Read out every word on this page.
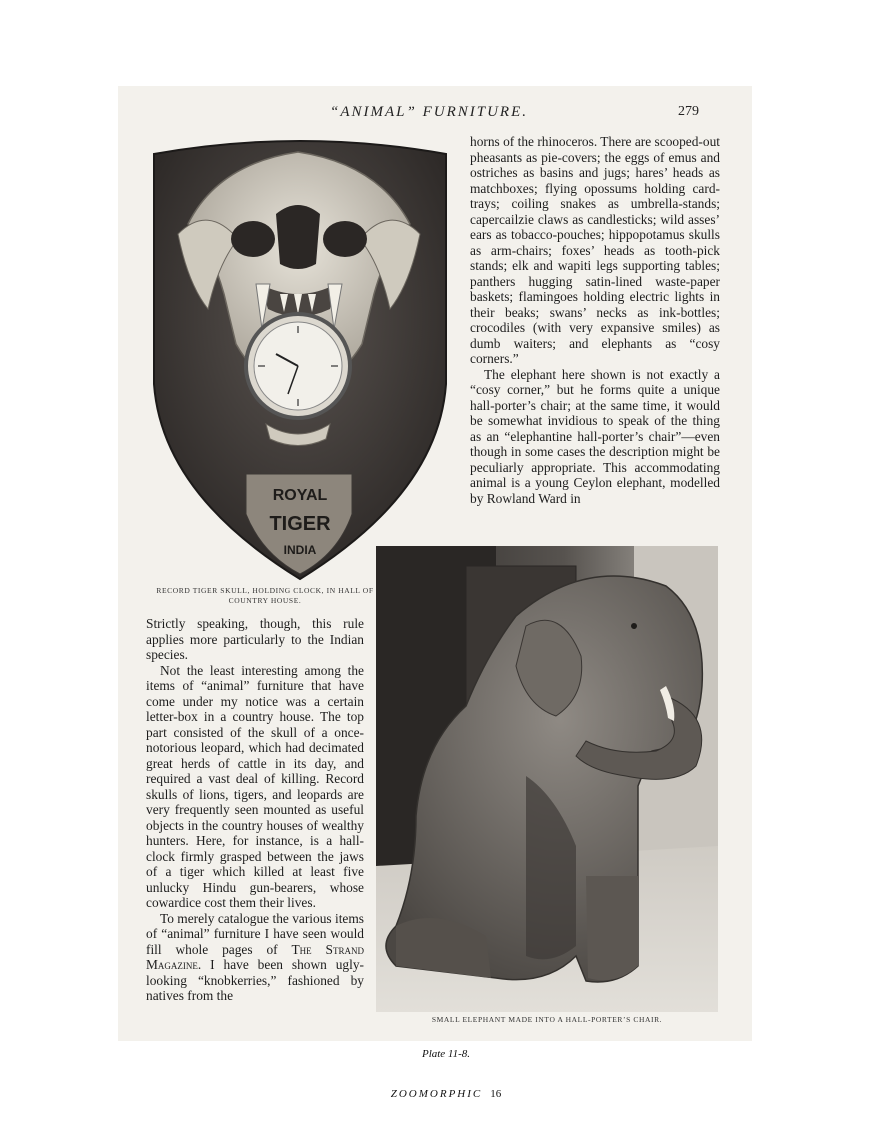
“ANIMAL” FURNITURE.	279
ROYAL
TIGER
INDIA
RECORD TIGER SKULL, HOLDING CLOCK, IN HALL OF COUNTRY HOUSE.

horns of the rhinoceros. There are scooped-out pheasants as pie-covers; the eggs of emus and ostriches as basins and jugs; hares’ heads as matchboxes; flying opossums holding card-trays; coiling snakes as umbrella-stands; capercailzie claws as candlesticks; wild asses’ ears as tobacco-pouches; hippopotamus skulls as arm-chairs; foxes’ heads as tooth-pick stands; elk and wapiti legs supporting tables; panthers hugging satin-lined waste-paper baskets; flamingoes holding electric lights in their beaks; swans’ necks as ink-bottles; crocodiles (with very expansive smiles) as dumb waiters; and elephants as “cosy corners.”

The elephant here shown is not exactly a “cosy corner,” but he forms quite a unique hall-porter’s chair; at the same time, it would be somewhat invidious to speak of the thing as an “elephantine hall-porter’s chair”—even though in some cases the description might be peculiarly appropriate. This accommodating animal is a young Ceylon elephant, modelled by Rowland Ward in

SMALL ELEPHANT MADE INTO A HALL-PORTER’S CHAIR.

Strictly speaking, though, this rule applies more particularly to the Indian species.

Not the least interesting among the items of “animal” furniture that have come under my notice was a certain letter-box in a country house. The top part consisted of the skull of a once-notorious leopard, which had decimated great herds of cattle in its day, and required a vast deal of killing. Record skulls of lions, tigers, and leopards are very frequently seen mounted as useful objects in the country houses of wealthy hunters. Here, for instance, is a hall-clock firmly grasped between the jaws of a tiger which killed at least five unlucky Hindu gun-bearers, whose cowardice cost them their lives.

To merely catalogue the various items of “animal” furniture I have seen would fill whole pages of The Strand Magazine. I have been shown ugly-looking “knobkerries,” fashioned by natives from the

Plate 11-8.
ZOOMORPHIC 16
